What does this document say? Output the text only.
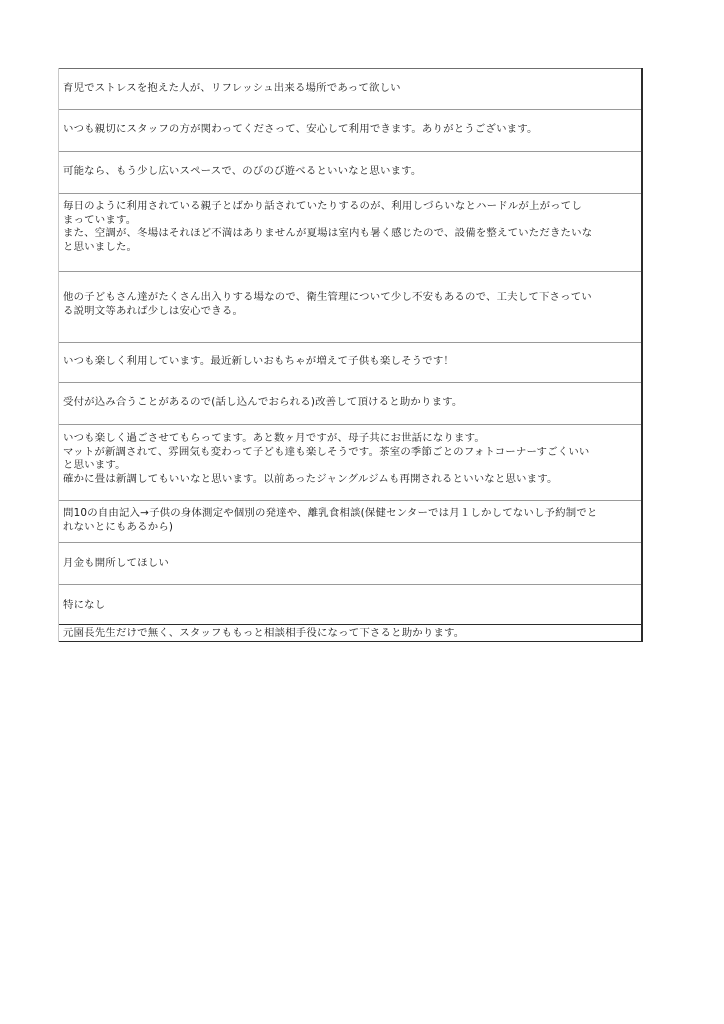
育児でストレスを抱えた人が、リフレッシュ出来る場所であって欲しい
いつも親切にスタッフの方が関わってくださって、安心して利用できます。ありがとうございます。
可能なら、もう少し広いスペースで、のびのび遊べるといいなと思います。
毎日のように利用されている親子とばかり話されていたりするのが、利用しづらいなとハードルが上がってし
まっています。
また、空調が、冬場はそれほど不満はありませんが夏場は室内も暑く感じたので、設備を整えていただきたいな
と思いました。
他の子どもさん達がたくさん出入りする場なので、衛生管理について少し不安もあるので、工夫して下さってい
る説明文等あれば少しは安心できる。
いつも楽しく利用しています。最近新しいおもちゃが増えて子供も楽しそうです！
受付が込み合うことがあるので(話し込んでおられる)改善して頂けると助かります。
いつも楽しく過ごさせてもらってます。あと数ヶ月ですが、母子共にお世話になります。
マットが新調されて、雰囲気も変わって子ども達も楽しそうです。茶室の季節ごとのフォトコーナーすごくいい
と思います。
確かに畳は新調してもいいなと思います。以前あったジャングルジムも再開されるといいなと思います。
問10の自由記入→子供の身体測定や個別の発達や、離乳食相談(保健センターでは月１しかしてないし予約制でと
れないとにもあるから)
月金も開所してほしい
特になし
元園長先生だけで無く、スタッフももっと相談相手役になって下さると助かります。
